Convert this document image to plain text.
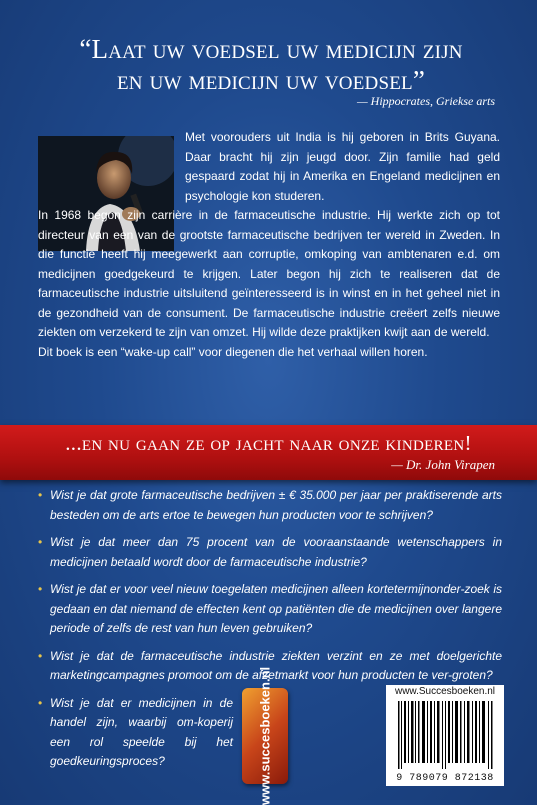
“Laat uw voedsel uw medicijn zijn
en uw medicijn uw voedsel”
— Hippocrates, Griekse arts

Met voorouders uit India is hij geboren in Brits Guyana. Daar bracht hij zijn jeugd door. Zijn familie had geld gespaard zodat hij in Amerika en Engeland medicijnen en psychologie kon studeren.

In 1968 begon zijn carrière in de farmaceutische industrie. Hij werkte zich op tot directeur van een van de grootste farmaceutische bedrijven ter wereld in Zweden. In die functie heeft hij meegewerkt aan corruptie, omkoping van ambtenaren e.d. om medicijnen goedgekeurd te krijgen. Later begon hij zich te realiseren dat de farmaceutische industrie uitsluitend geïnteresseerd is in winst en in het geheel niet in de gezondheid van de consument. De farmaceutische industrie creëert zelfs nieuwe ziekten om verzekerd te zijn van omzet. Hij wilde deze praktijken kwijt aan de wereld.

Dit boek is een “wake-up call” voor diegenen die het verhaal willen horen.

...en nu gaan ze op jacht naar onze kinderen!
— Dr. John Virapen
• Wist je dat grote farmaceutische bedrijven ± € 35.000 per jaar per praktiserende arts besteden om de arts ertoe te bewegen hun producten voor te schrijven?
• Wist je dat meer dan 75 procent van de vooraanstaande wetenschappers in medicijnen betaald wordt door de farmaceutische industrie?
• Wist je dat er voor veel nieuw toegelaten medicijnen alleen kortetermijnonder-zoek is gedaan en dat niemand de effecten kent op patiënten die de medicijnen over langere periode of zelfs de rest van hun leven gebruiken?
• Wist je dat de farmaceutische industrie ziekten verzint en ze met doelgerichte marketingcampagnes promoot om de afzetmarkt voor hun producten te ver-groten?
• Wist je dat er medicijnen in de handel zijn, waarbij om-koperij een rol speelde bij het goedkeuringsproces?	www.succesboeken.nl	www.Succesboeken.nl
9 789079 872138
